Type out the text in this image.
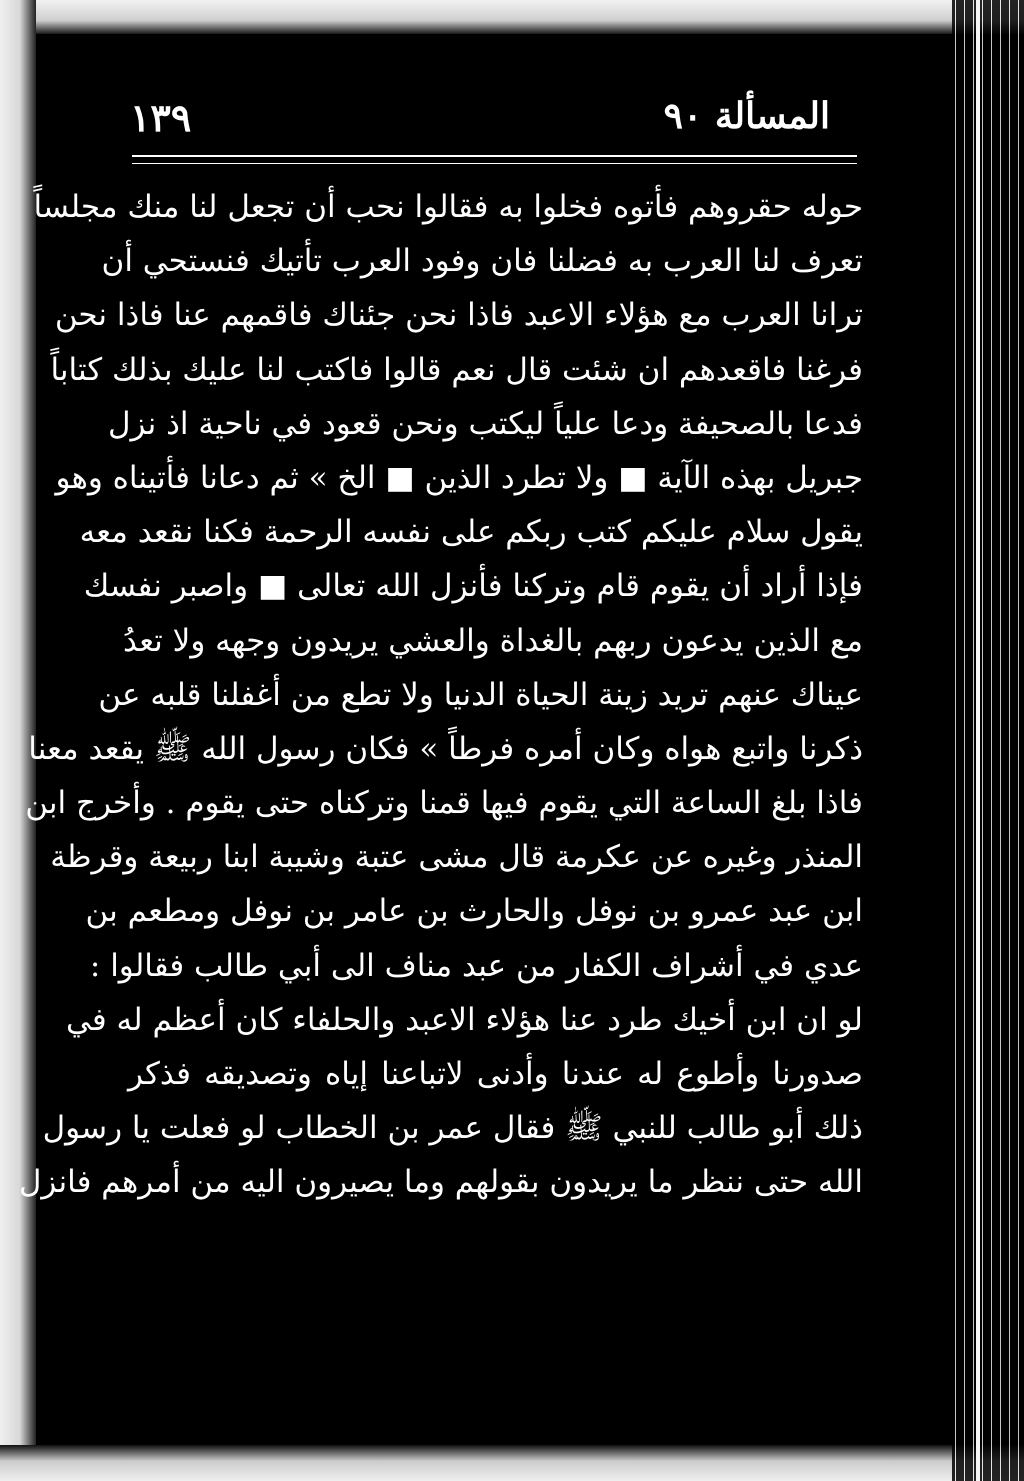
١٣٩	المسألة ٩٠
حوله حقروهم فأتوه فخلوا به فقالوا نحب أن تجعل لنا منك مجلساً
تعرف لنا العرب به فضلنا فان وفود العرب تأتيك فنستحي أن
ترانا العرب مع هؤلاء الاعبد فاذا نحن جئناك فاقمهم عنا فاذا نحن
فرغنا فاقعدهم ان شئت قال نعم قالوا فاكتب لنا عليك بذلك كتاباً
فدعا بالصحيفة ودعا علياً ليكتب ونحن قعود في ناحية اذ نزل
جبريل بهذه الآية ■ ولا تطرد الذين ■ الخ » ثم دعانا فأتيناه وهو
يقول سلام عليكم كتب ربكم على نفسه الرحمة فكنا نقعد معه
فإذا أراد أن يقوم قام وتركنا فأنزل الله تعالى ■ واصبر نفسك
مع الذين يدعون ربهم بالغداة والعشي يريدون وجهه ولا تعدُ
عيناك عنهم تريد زينة الحياة الدنيا ولا تطع من أغفلنا قلبه عن
ذكرنا واتبع هواه وكان أمره فرطاً » فكان رسول الله ﷺ يقعد معنا
فاذا بلغ الساعة التي يقوم فيها قمنا وتركناه حتى يقوم . وأخرج ابن
المنذر وغيره عن عكرمة قال مشى عتبة وشيبة ابنا ربيعة وقرظة
ابن عبد عمرو بن نوفل والحارث بن عامر بن نوفل ومطعم بن
عدي في أشراف الكفار من عبد مناف الى أبي طالب فقالوا :
لو ان ابن أخيك طرد عنا هؤلاء الاعبد والحلفاء كان أعظم له في
صدورنا وأطوع له عندنا وأدنى لاتباعنا إياه وتصديقه فذكر
ذلك أبو طالب للنبي ﷺ فقال عمر بن الخطاب لو فعلت يا رسول
الله حتى ننظر ما يريدون بقولهم وما يصيرون اليه من أمرهم فانزل
